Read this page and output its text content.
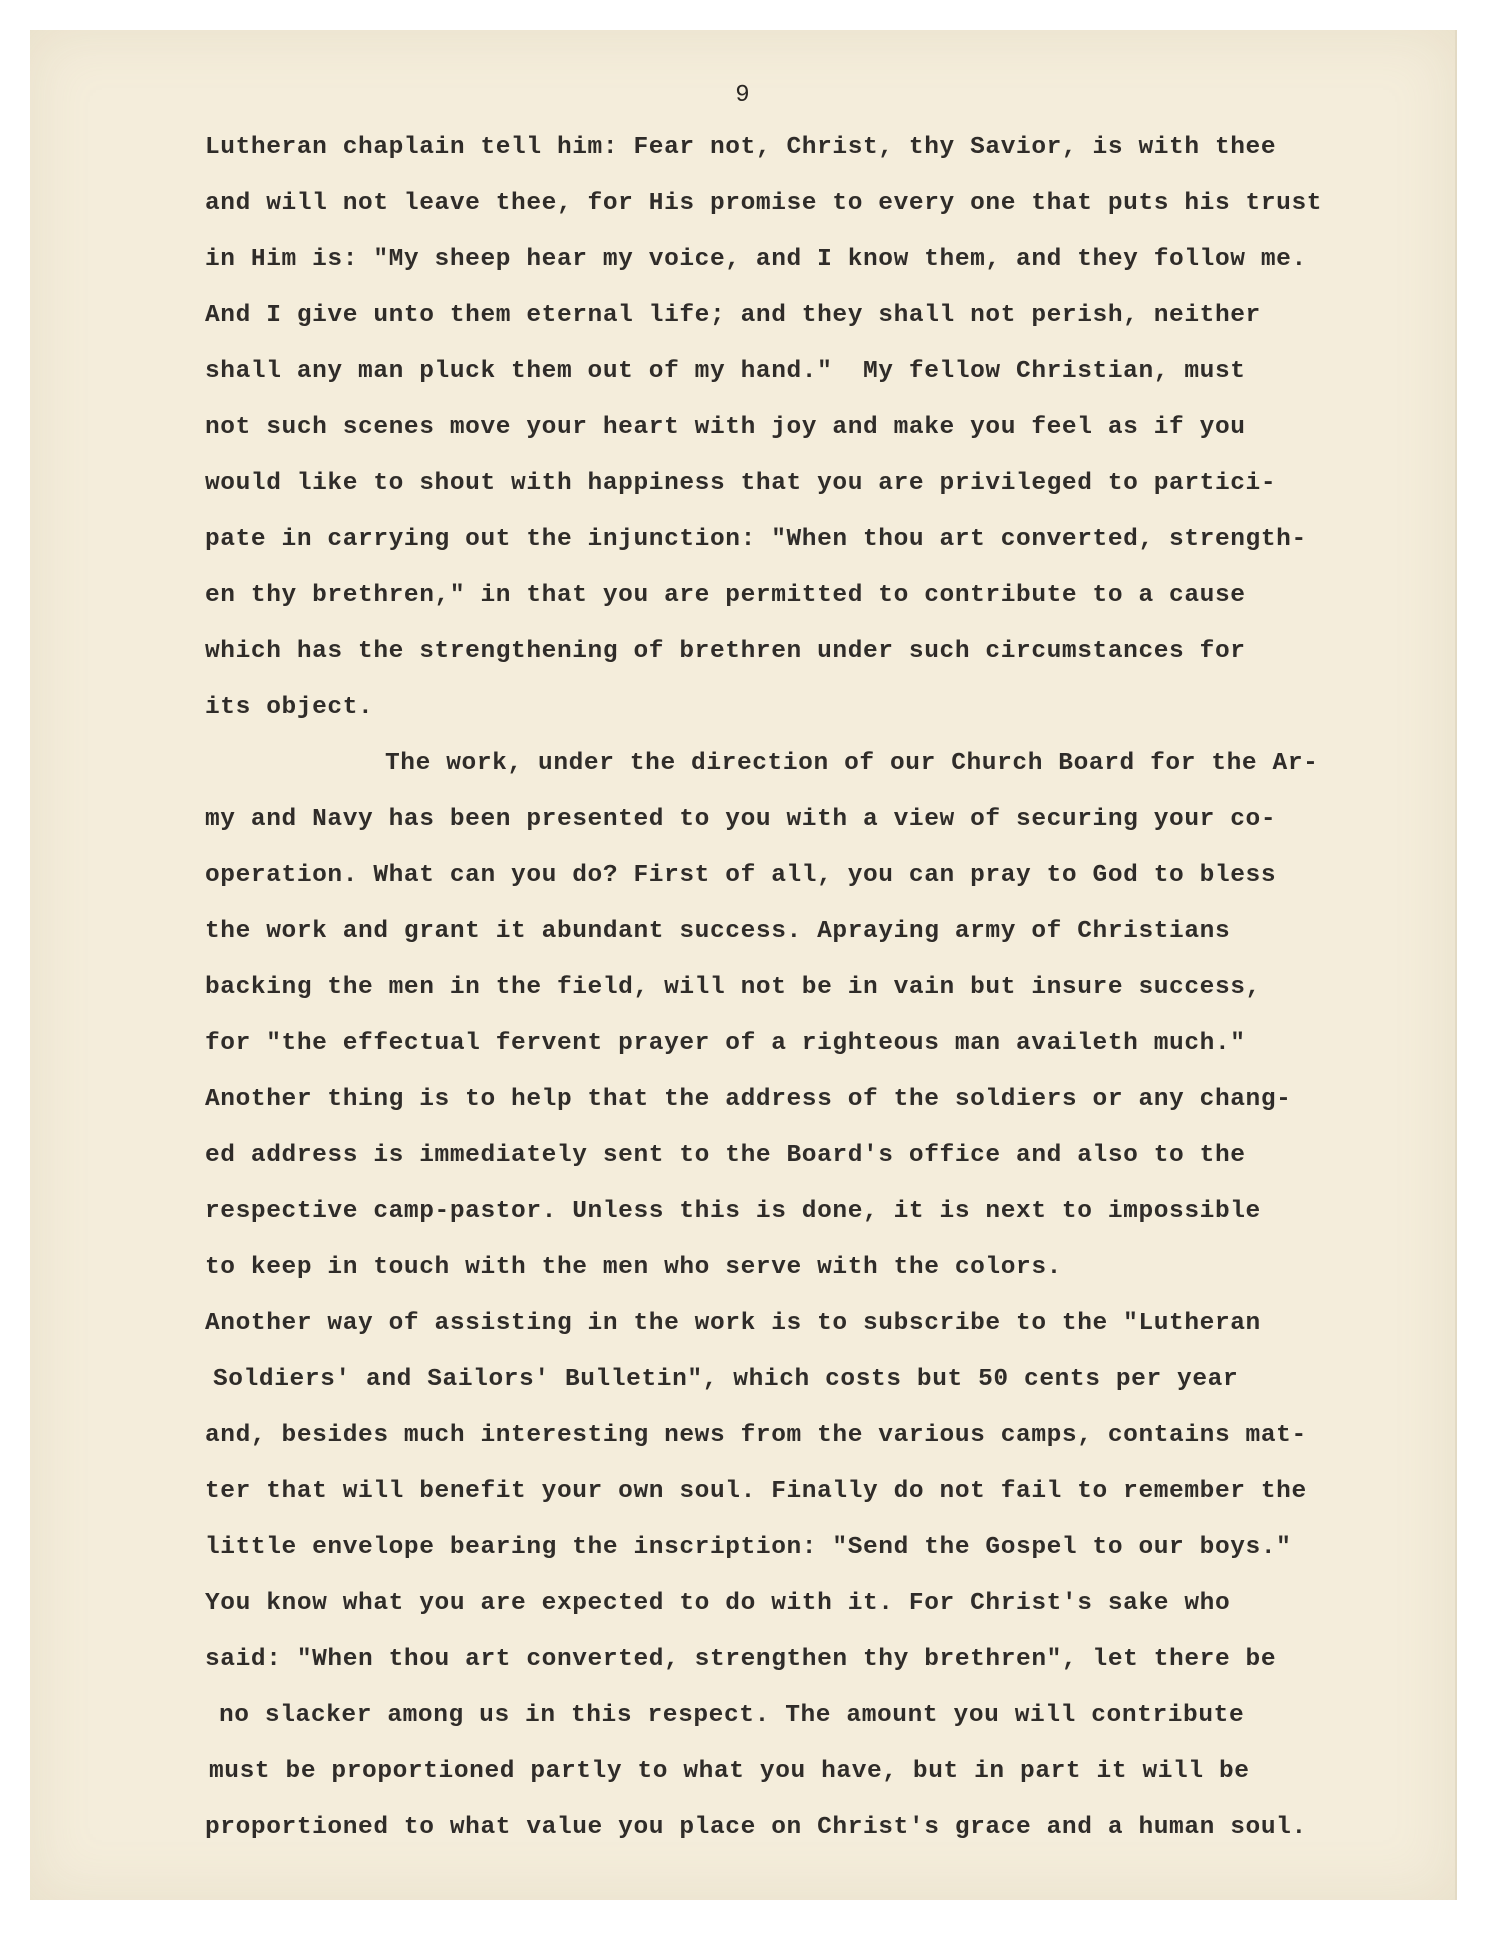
9
Lutheran chaplain tell him: Fear not, Christ, thy Savior, is with thee
and will not leave thee, for His promise to every one that puts his trust
in Him is: "My sheep hear my voice, and I know them, and they follow me.
And I give unto them eternal life; and they shall not perish, neither
shall any man pluck them out of my hand."  My fellow Christian, must
not such scenes move your heart with joy and make you feel as if you
would like to shout with happiness that you are privileged to partici-
pate in carrying out the injunction: "When thou art converted, strength-
en thy brethren," in that you are permitted to contribute to a cause
which has the strengthening of brethren under such circumstances for
its object.
The work, under the direction of our Church Board for the Ar-
my and Navy has been presented to you with a view of securing your co-
operation. What can you do? First of all, you can pray to God to bless
the work and grant it abundant success. Apraying army of Christians
backing the men in the field, will not be in vain but insure success,
for "the effectual fervent prayer of a righteous man availeth much."
Another thing is to help that the address of the soldiers or any chang-
ed address is immediately sent to the Board's office and also to the
respective camp-pastor. Unless this is done, it is next to impossible
to keep in touch with the men who serve with the colors.
Another way of assisting in the work is to subscribe to the "Lutheran
Soldiers' and Sailors' Bulletin", which costs but 50 cents per year
and, besides much interesting news from the various camps, contains mat-
ter that will benefit your own soul. Finally do not fail to remember the
little envelope bearing the inscription: "Send the Gospel to our boys."
You know what you are expected to do with it. For Christ's sake who
said: "When thou art converted, strengthen thy brethren", let there be
no slacker among us in this respect. The amount you will contribute
must be proportioned partly to what you have, but in part it will be
proportioned to what value you place on Christ's grace and a human soul.
